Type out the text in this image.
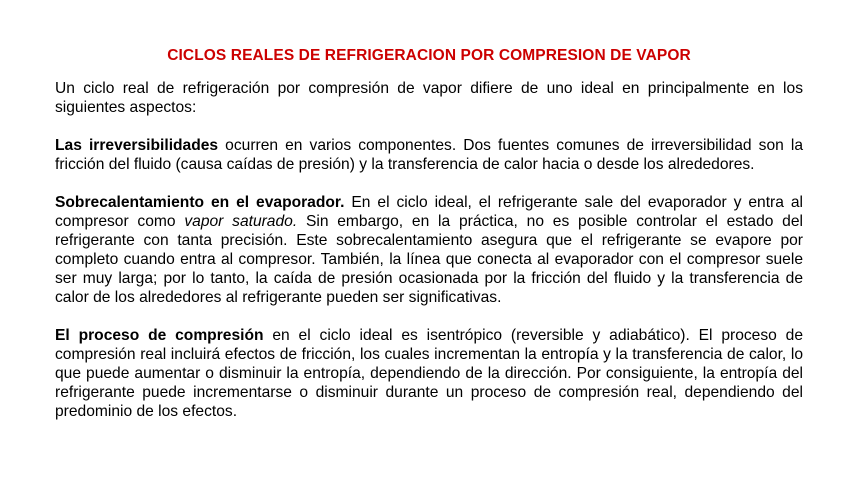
CICLOS REALES DE REFRIGERACION POR COMPRESION DE VAPOR

Un ciclo real de refrigeración por compresión de vapor difiere de uno ideal en principalmente en los siguientes aspectos:

Las irreversibilidades ocurren en varios componentes. Dos fuentes comunes de irreversibilidad son la fricción del fluido (causa caídas de presión) y la transferencia de calor hacia o desde los alrededores.

Sobrecalentamiento en el evaporador. En el ciclo ideal, el refrigerante sale del evaporador y entra al compresor como vapor saturado. Sin embargo, en la práctica, no es posible controlar el estado del refrigerante con tanta precisión. Este sobrecalentamiento asegura que el refrigerante se evapore por completo cuando entra al compresor. También, la línea que conecta al evaporador con el compresor suele ser muy larga; por lo tanto, la caída de presión ocasionada por la fricción del fluido y la transferencia de calor de los alrededores al refrigerante pueden ser significativas.

El proceso de compresión en el ciclo ideal es isentrópico (reversible y adiabático). El proceso de compresión real incluirá efectos de fricción, los cuales incrementan la entropía y la transferencia de calor, lo que puede aumentar o disminuir la entropía, dependiendo de la dirección. Por consiguiente, la entropía del refrigerante puede incrementarse o disminuir durante un proceso de compresión real, dependiendo del predominio de los efectos.
